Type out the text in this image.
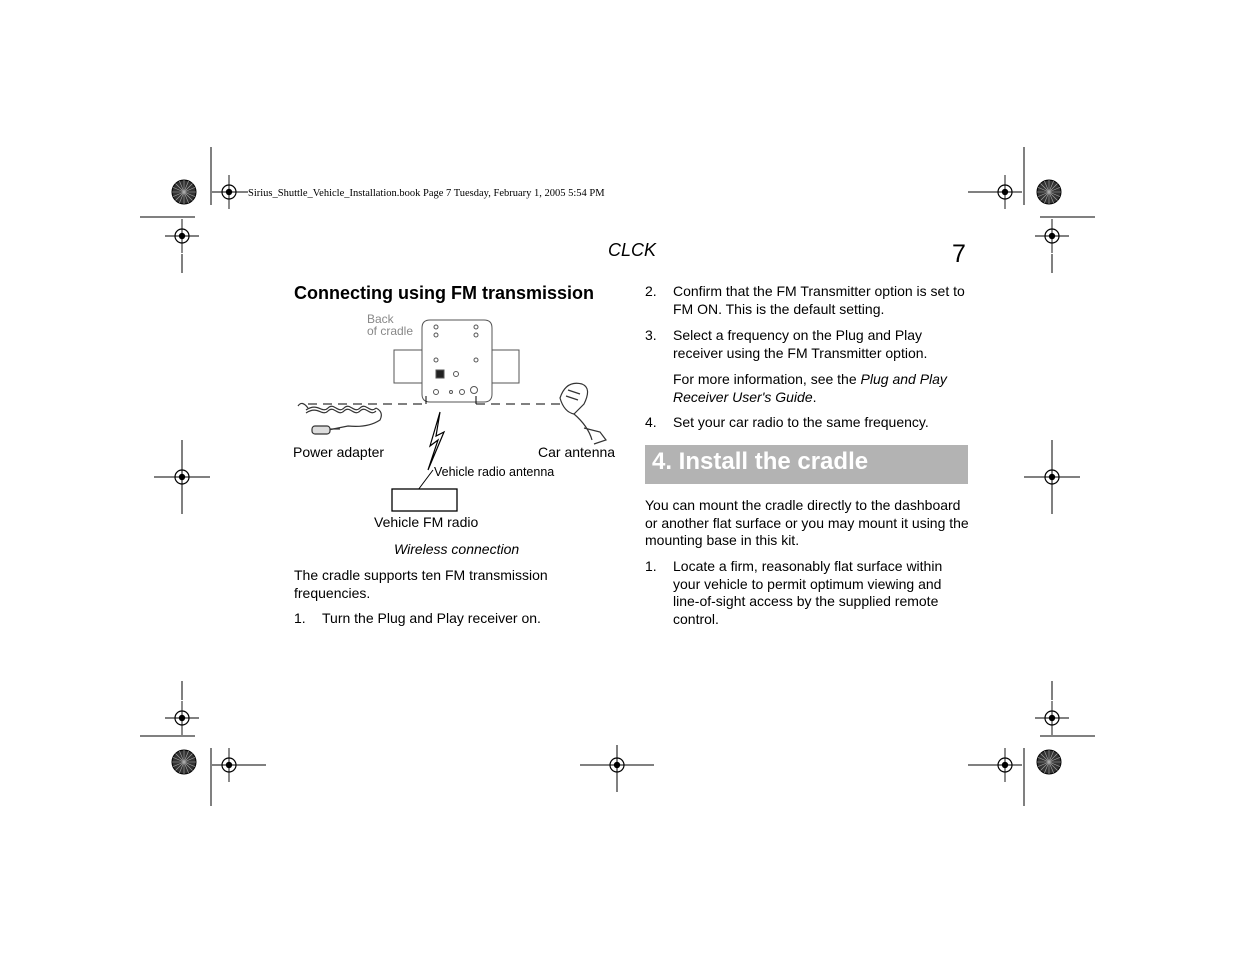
Sirius_Shuttle_Vehicle_Installation.book Page 7 Tuesday, February 1, 2005 5:54 PM
CLCK	7
Connecting using FM transmission
Back
of cradle
Power adapter	Car antenna
Vehicle radio antenna
Vehicle FM radio
Wireless connection
The cradle supports ten FM transmission frequencies.
1. Turn the Plug and Play receiver on.
2. Confirm that the FM Transmitter option is set to
FM ON. This is the default setting.
3. Select a frequency on the Plug and Play
receiver using the FM Transmitter option.
For more information, see the Plug and Play
Receiver User's Guide.
4. Set your car radio to the same frequency.
4. Install the cradle
You can mount the cradle directly to the dashboard
or another flat surface or you may mount it using the
mounting base in this kit.
1. Locate a firm, reasonably flat surface within
your vehicle to permit optimum viewing and
line-of-sight access by the supplied remote
control.
